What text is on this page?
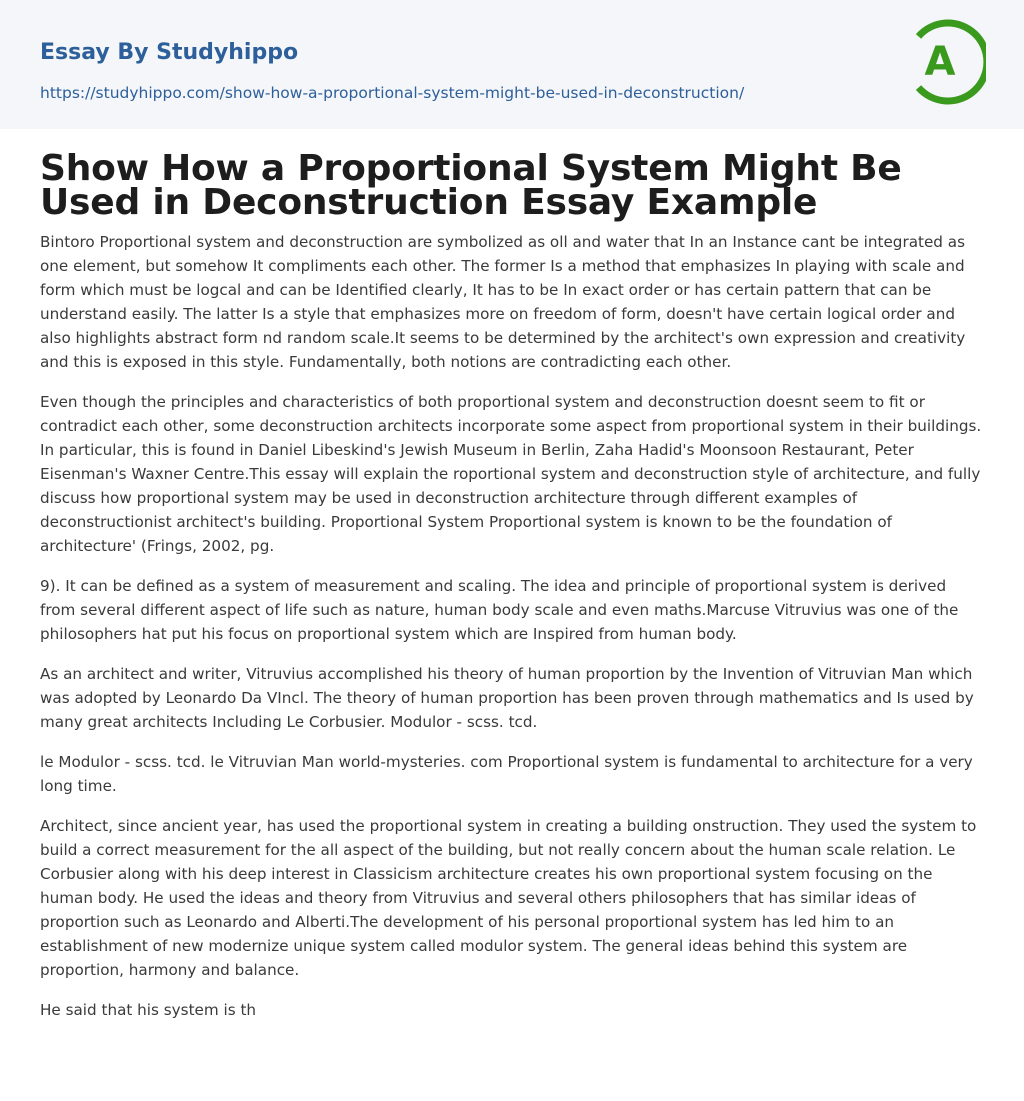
Essay By Studyhippo
https://studyhippo.com/show-how-a-proportional-system-might-be-used-in-deconstruction/
A
Show How a Proportional System Might Be Used in Deconstruction Essay Example

Bintoro Proportional system and deconstruction are symbolized as oll and water that In an Instance cant be integrated as one element, but somehow It compliments each other. The former Is a method that emphasizes In playing with scale and form which must be logcal and can be Identified clearly, It has to be In exact order or has certain pattern that can be understand easily. The latter Is a style that emphasizes more on freedom of form, doesn't have certain logical order and also highlights abstract form nd random scale.It seems to be determined by the architect's own expression and creativity and this is exposed in this style. Fundamentally, both notions are contradicting each other.

Even though the principles and characteristics of both proportional system and deconstruction doesnt seem to fit or contradict each other, some deconstruction architects incorporate some aspect from proportional system in their buildings. In particular, this is found in Daniel Libeskind's Jewish Museum in Berlin, Zaha Hadid's Moonsoon Restaurant, Peter Eisenman's Waxner Centre.This essay will explain the roportional system and deconstruction style of architecture, and fully discuss how proportional system may be used in deconstruction architecture through different examples of deconstructionist architect's building. Proportional System Proportional system is known to be the foundation of architecture' (Frings, 2002, pg.

9). It can be defined as a system of measurement and scaling. The idea and principle of proportional system is derived from several different aspect of life such as nature, human body scale and even maths.Marcuse Vitruvius was one of the philosophers hat put his focus on proportional system which are Inspired from human body.

As an architect and writer, Vitruvius accomplished his theory of human proportion by the Invention of Vitruvian Man which was adopted by Leonardo Da VIncl. The theory of human proportion has been proven through mathematics and Is used by many great architects Including Le Corbusier. Modulor - scss. tcd.

le Modulor - scss. tcd. le Vitruvian Man world-mysteries. com Proportional system is fundamental to architecture for a very long time.

Architect, since ancient year, has used the proportional system in creating a building onstruction. They used the system to build a correct measurement for the all aspect of the building, but not really concern about the human scale relation. Le Corbusier along with his deep interest in Classicism architecture creates his own proportional system focusing on the human body. He used the ideas and theory from Vitruvius and several others philosophers that has similar ideas of proportion such as Leonardo and Alberti.The development of his personal proportional system has led him to an establishment of new modernize unique system called modulor system. The general ideas behind this system are proportion, harmony and balance.

He said that his system is th
